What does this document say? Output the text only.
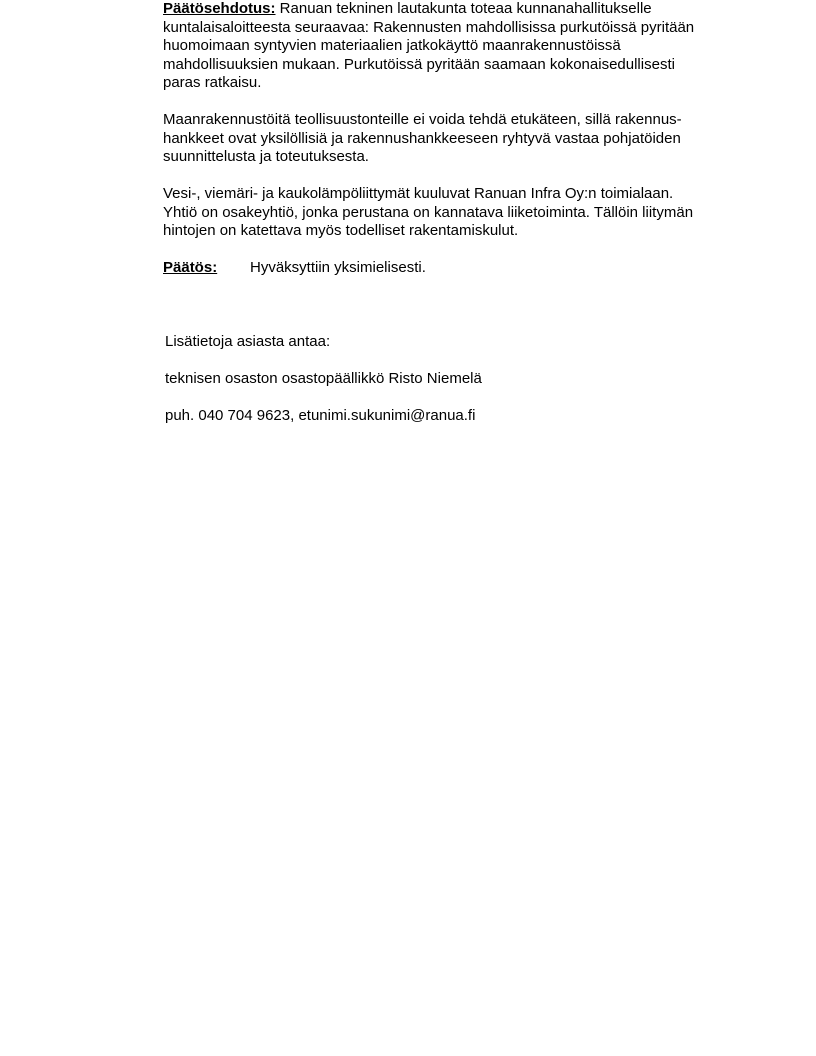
Päätösehdotus: Ranuan tekninen lautakunta toteaa kunnanahallitukselle
kuntalaisaloitteesta seuraavaa: Rakennusten mahdollisissa purkutöissä pyritään
huomoimaan syntyvien materiaalien jatkokäyttö maanrakennustöissä
mahdollisuuksien mukaan. Purkutöissä pyritään saamaan kokonaisedullisesti
paras ratkaisu.

Maanrakennustöitä teollisuustonteille ei voida tehdä etukäteen, sillä rakennus-
hankkeet ovat yksilöllisiä ja rakennushankkeeseen ryhtyvä vastaa pohjatöiden
suunnittelusta ja toteutuksesta.

Vesi-, viemäri- ja kaukolämpöliittymät kuuluvat Ranuan Infra Oy:n toimialaan.
Yhtiö on osakeyhtiö, jonka perustana on kannatava liiketoiminta. Tällöin liitymän
hintojen on katettava myös todelliset rakentamiskulut.

Päätös: Hyväksyttiin yksimielisesti.

Lisätietoja asiasta antaa:

teknisen osaston osastopäällikkö Risto Niemelä

puh. 040 704 9623, etunimi.sukunimi@ranua.fi
